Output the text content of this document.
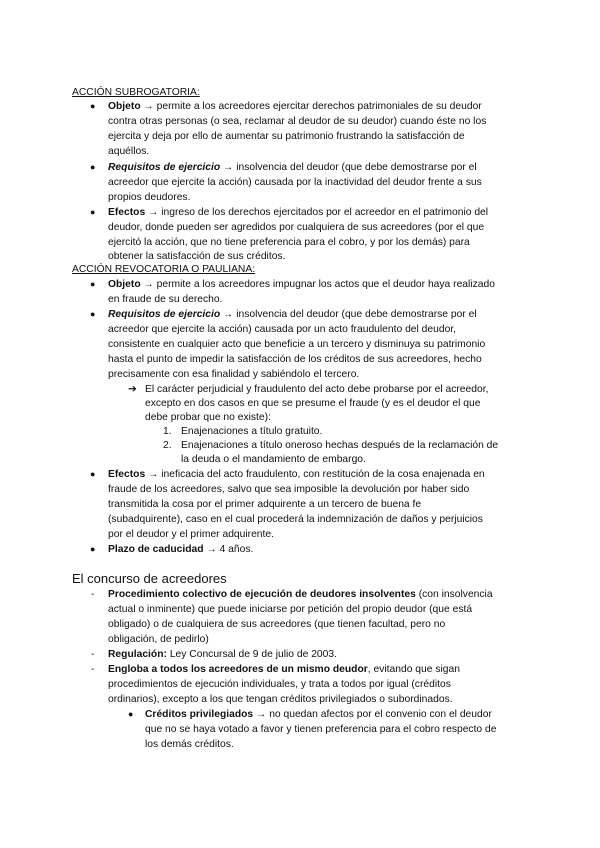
ACCIÓN SUBROGATORIA:
● Objeto → permite a los acreedores ejercitar derechos patrimoniales de su deudor
contra otras personas (o sea, reclamar al deudor de su deudor) cuando éste no los
ejercita y deja por ello de aumentar su patrimonio frustrando la satisfacción de
aquéllos.
● Requisitos de ejercicio → insolvencia del deudor (que debe demostrarse por el
acreedor que ejercite la acción) causada por la inactividad del deudor frente a sus
propios deudores.
● Efectos → ingreso de los derechos ejercitados por el acreedor en el patrimonio del
deudor, donde pueden ser agredidos por cualquiera de sus acreedores (por el que
ejercitó la acción, que no tiene preferencia para el cobro, y por los demás) para
obtener la satisfacción de sus créditos.
ACCIÓN REVOCATORIA O PAULIANA:
● Objeto → permite a los acreedores impugnar los actos que el deudor haya realizado
en fraude de su derecho.
● Requisitos de ejercicio → insolvencia del deudor (que debe demostrarse por el
acreedor que ejercite la acción) causada por un acto fraudulento del deudor,
consistente en cualquier acto que beneficie a un tercero y disminuya su patrimonio
hasta el punto de impedir la satisfacción de los créditos de sus acreedores, hecho
precisamente con esa finalidad y sabiéndolo el tercero.
➔ El carácter perjudicial y fraudulento del acto debe probarse por el acreedor,
excepto en dos casos en que se presume el fraude (y es el deudor el que
debe probar que no existe):
1. Enajenaciones a título gratuito.
2. Enajenaciones a título oneroso hechas después de la reclamación de
la deuda o el mandamiento de embargo.
● Efectos → ineficacia del acto fraudulento, con restitución de la cosa enajenada en
fraude de los acreedores, salvo que sea imposible la devolución por haber sido
transmitida la cosa por el primer adquirente a un tercero de buena fe
(subadquirente), caso en el cual procederá la indemnización de daños y perjuicios
por el deudor y el primer adquirente.
● Plazo de caducidad → 4 años.
El concurso de acreedores
- Procedimiento colectivo de ejecución de deudores insolventes (con insolvencia
actual o inminente) que puede iniciarse por petición del propio deudor (que está
obligado) o de cualquiera de sus acreedores (que tienen facultad, pero no
obligación, de pedirlo)
- Regulación: Ley Concursal de 9 de julio de 2003.
- Engloba a todos los acreedores de un mismo deudor, evitando que sigan
procedimientos de ejecución individuales, y trata a todos por igual (créditos
ordinarios), excepto a los que tengan créditos privilegiados o subordinados.
● Créditos privilegiados → no quedan afectos por el convenio con el deudor
que no se haya votado a favor y tienen preferencia para el cobro respecto de
los demás créditos.
